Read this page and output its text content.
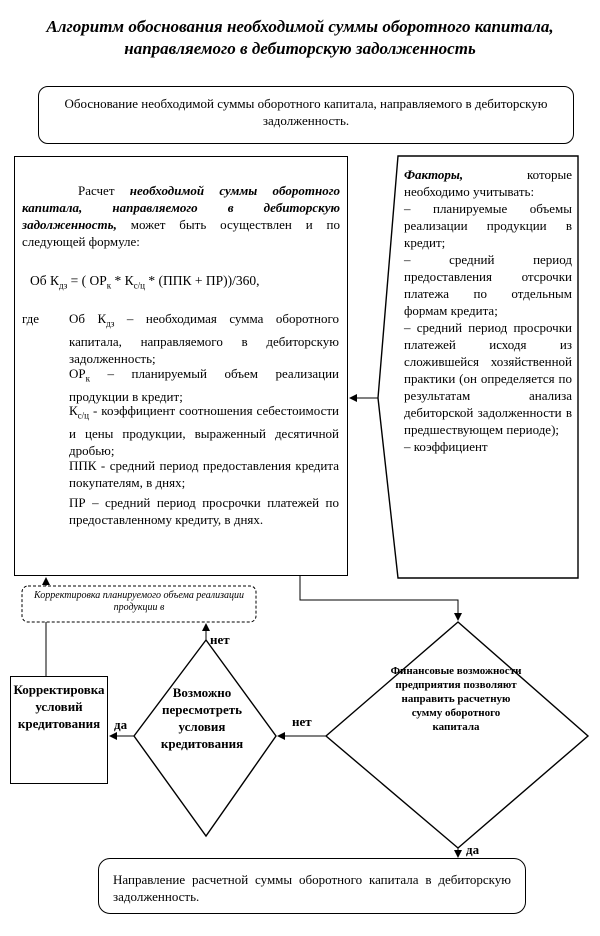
Алгоритм обоснования необходимой суммы оборотного капитала, направляемого в дебиторскую задолженность
Обоснование необходимой суммы оборотного капитала, направляемого в дебиторскую задолженность.
Расчет необходимой суммы оборотного капитала, направляемого в дебиторскую задолженность, может быть осуществлен и по следующей формуле:
Об $К_{дз}$ = ( $ОР_к * К_{с/ц} * (ППК + ПР))/360$,
где	Об $К_{дз}$ – необходимая сумма оборотного капитала, направляемого в дебиторскую задолженность;
$ОР_к$ – планируемый объем реализации продукции в кредит;
$К_{с/ц}$ - коэффициент соотношения себестоимости и цены продукции, выраженный десятичной дробью;
ППК - средний период предоставления кредита покупателям, в днях;
ПР – средний период просрочки платежей по предоставленному кредиту, в днях.
Факторы, которые необходимо учитывать:
– планируемые объемы реализации продукции в кредит;
– средний период предоставления отсрочки платежа по отдельным формам кредита;
– средний период просрочки платежей исходя из сложившейся хозяйственной практики (он определяется по результатам анализа дебиторской задолженности в предшествующем периоде);
– коэффициент
Корректировка планируемого объема реализации продукции в
Корректировка условий кредитования
Возможно пересмотреть условия кредитования
Финансовые возможности предприятия позволяют направить расчетную сумму оборотного капитала
нет
да	нет
да
Направление расчетной суммы оборотного капитала в дебиторскую задолженность.
